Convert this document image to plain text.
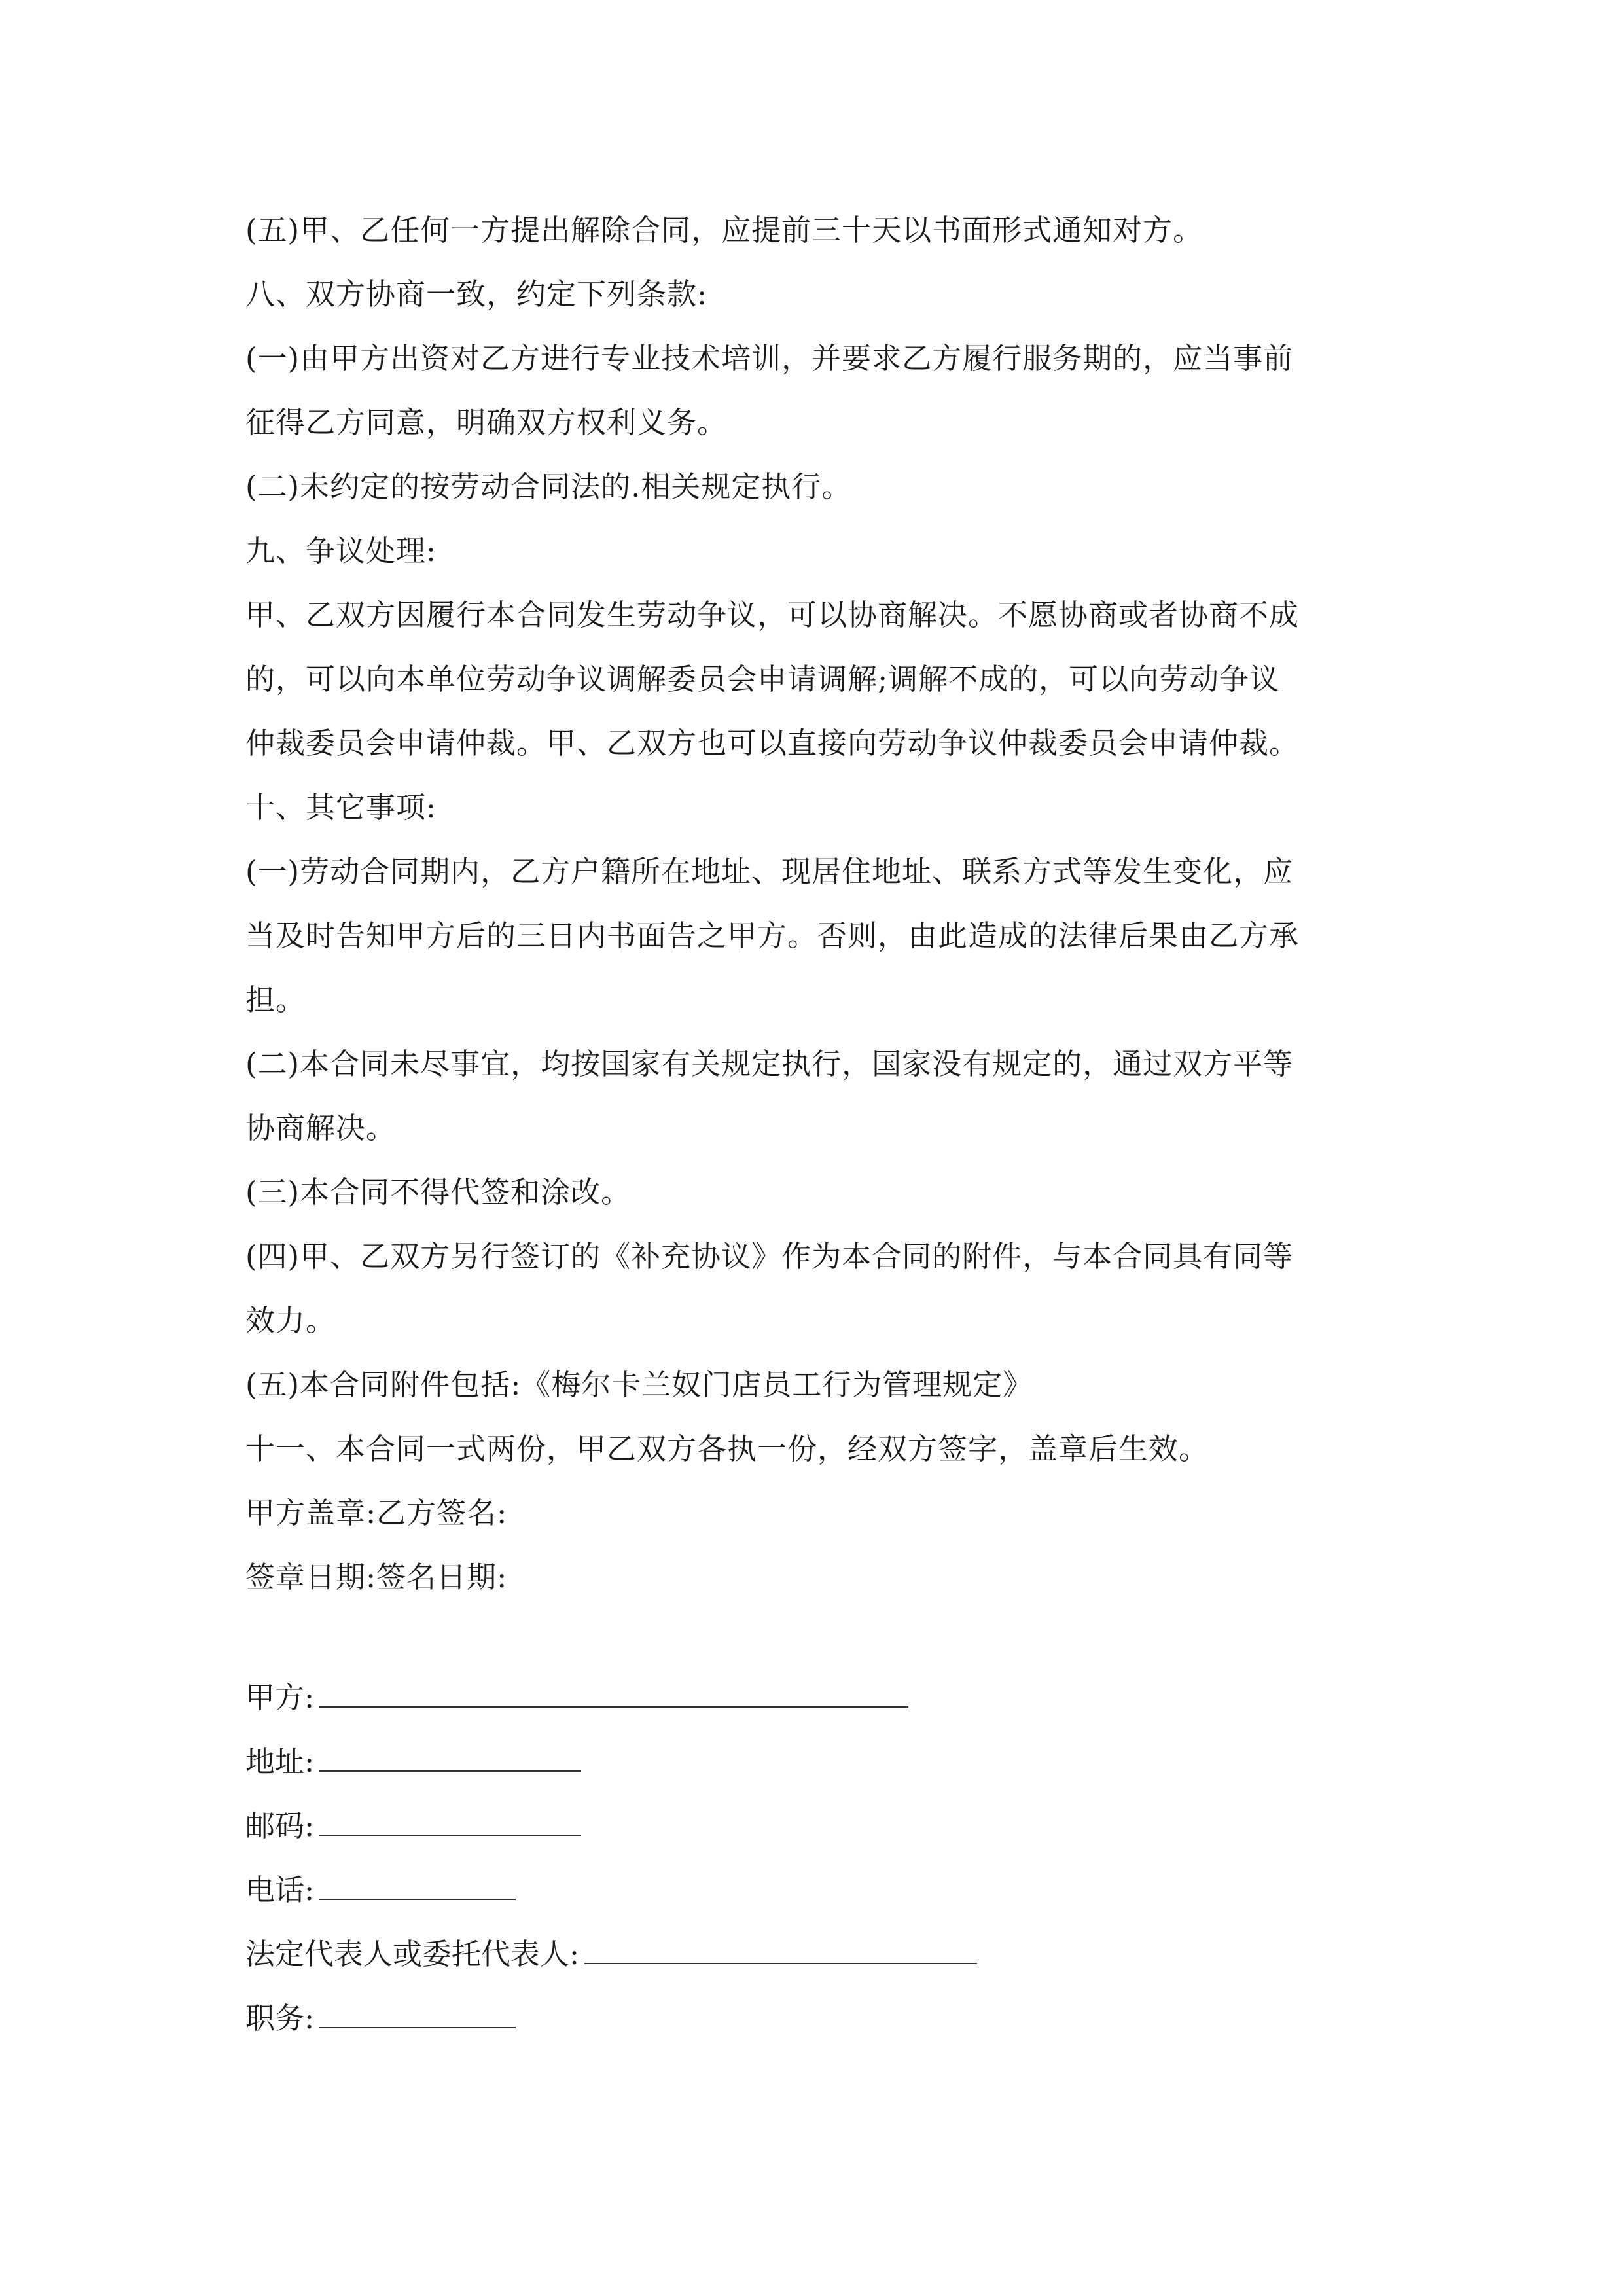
(五)甲、乙任何一方提出解除合同，应提前三十天以书面形式通知对方。
八、双方协商一致，约定下列条款:
(一)由甲方出资对乙方进行专业技术培训，并要求乙方履行服务期的，应当事前
征得乙方同意，明确双方权利义务。
(二)未约定的按劳动合同法的.相关规定执行。
九、争议处理:
甲、乙双方因履行本合同发生劳动争议，可以协商解决。不愿协商或者协商不成
的，可以向本单位劳动争议调解委员会申请调解;调解不成的，可以向劳动争议
仲裁委员会申请仲裁。甲、乙双方也可以直接向劳动争议仲裁委员会申请仲裁。
十、其它事项:
(一)劳动合同期内，乙方户籍所在地址、现居住地址、联系方式等发生变化，应
当及时告知甲方后的三日内书面告之甲方。否则，由此造成的法律后果由乙方承
担。
(二)本合同未尽事宜，均按国家有关规定执行，国家没有规定的，通过双方平等
协商解决。
(三)本合同不得代签和涂改。
(四)甲、乙双方另行签订的《补充协议》作为本合同的附件，与本合同具有同等
效力。
(五)本合同附件包括:《梅尔卡兰奴门店员工行为管理规定》
十一、本合同一式两份，甲乙双方各执一份，经双方签字，盖章后生效。
甲方盖章:乙方签名:
签章日期:签名日期:
甲方:
地址:
邮码:
电话:
法定代表人或委托代表人:
职务:
